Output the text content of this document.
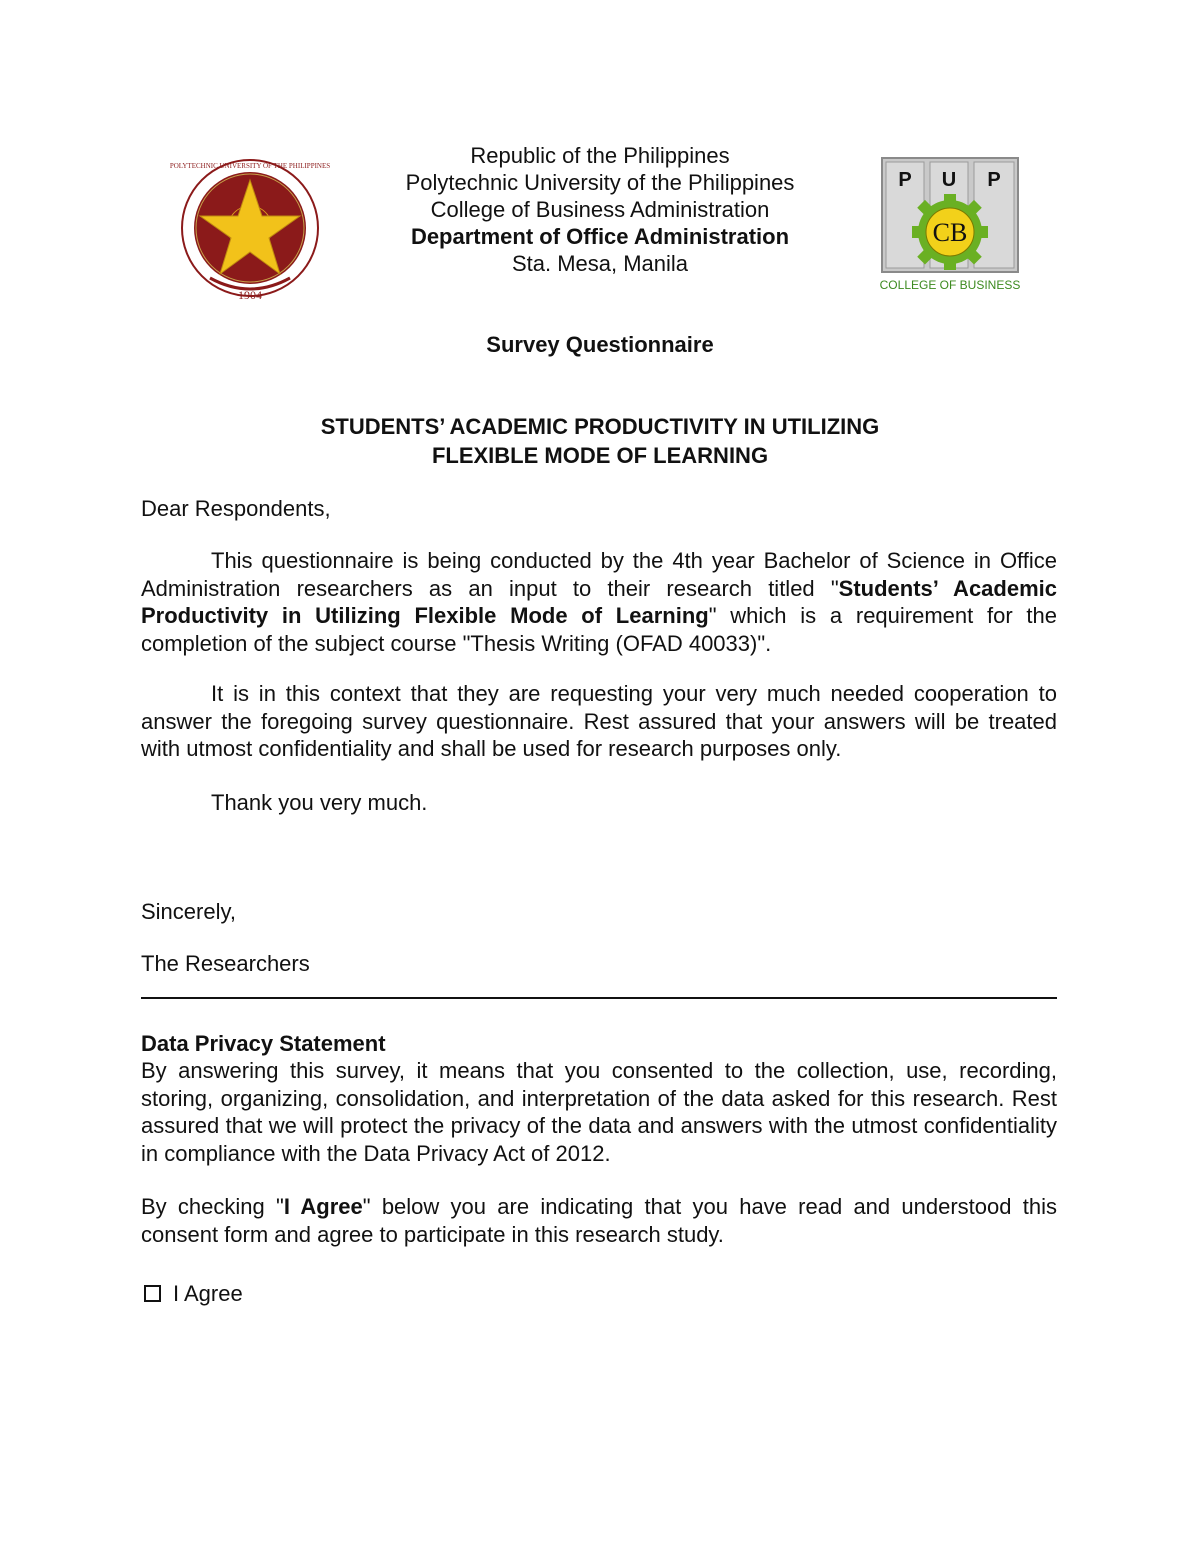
1904
POLYTECHNIC UNIVERSITY OF THE PHILIPPINES	Republic of the Philippines
Polytechnic University of the Philippines
College of Business Administration
Department of Office Administration
Sta. Mesa, Manila
P U P
CB
COLLEGE OF BUSINESS
Survey Questionnaire
STUDENTS’ ACADEMIC PRODUCTIVITY IN UTILIZING
FLEXIBLE MODE OF LEARNING
Dear Respondents,
This questionnaire is being conducted by the 4th year Bachelor of Science in Office Administration researchers as an input to their research titled "Students’ Academic Productivity in Utilizing Flexible Mode of Learning" which is a requirement for the completion of the subject course "Thesis Writing (OFAD 40033)".
It is in this context that they are requesting your very much needed cooperation to answer the foregoing survey questionnaire. Rest assured that your answers will be treated with utmost confidentiality and shall be used for research purposes only.
Thank you very much.
Sincerely,
The Researchers
Data Privacy Statement
By answering this survey, it means that you consented to the collection, use, recording, storing, organizing, consolidation, and interpretation of the data asked for this research. Rest assured that we will protect the privacy of the data and answers with the utmost confidentiality in compliance with the Data Privacy Act of 2012.
By checking "I Agree" below you are indicating that you have read and understood this consent form and agree to participate in this research study.
I Agree
